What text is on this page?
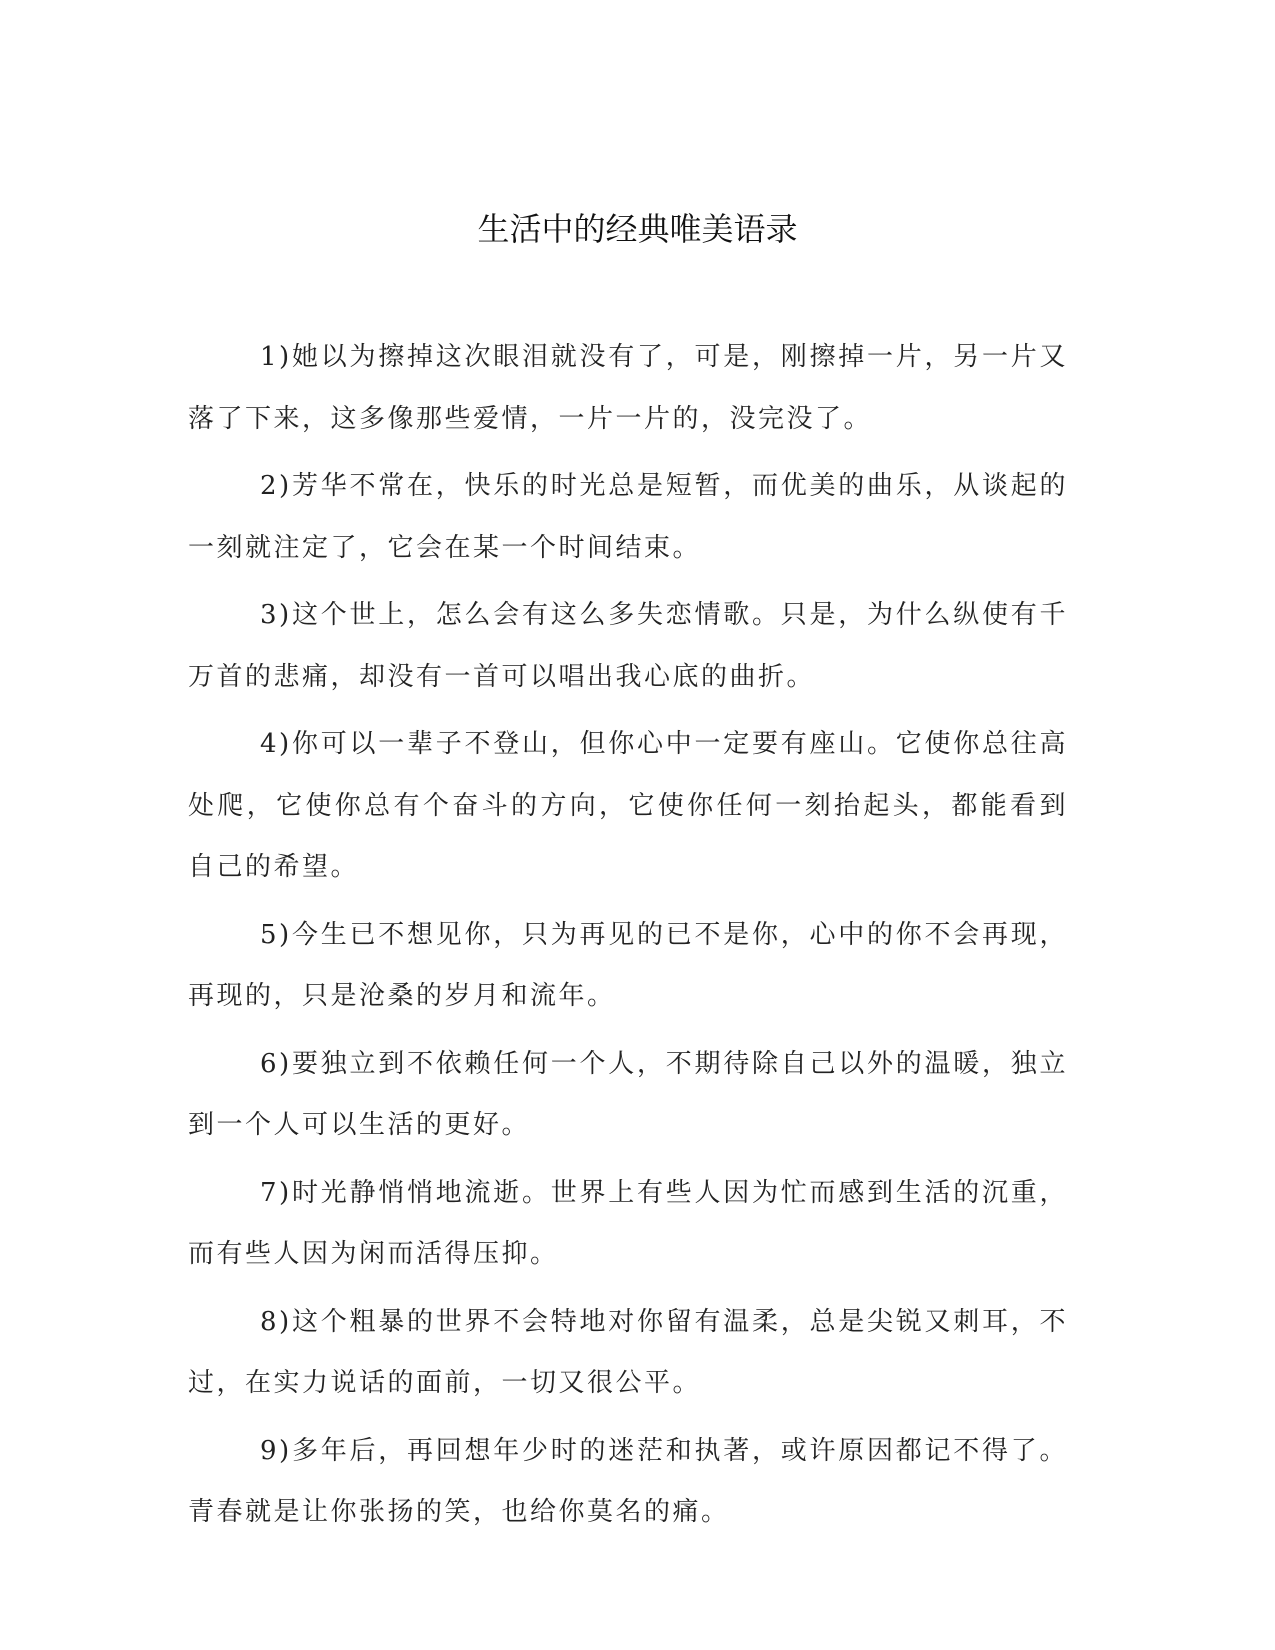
生活中的经典唯美语录

1)她以为擦掉这次眼泪就没有了，可是，刚擦掉一片，另一片又落了下来，这多像那些爱情，一片一片的，没完没了。

2)芳华不常在，快乐的时光总是短暂，而优美的曲乐，从谈起的一刻就注定了，它会在某一个时间结束。

3)这个世上，怎么会有这么多失恋情歌。只是，为什么纵使有千万首的悲痛，却没有一首可以唱出我心底的曲折。

4)你可以一辈子不登山，但你心中一定要有座山。它使你总往高处爬，它使你总有个奋斗的方向，它使你任何一刻抬起头，都能看到自己的希望。

5)今生已不想见你，只为再见的已不是你，心中的你不会再现，再现的，只是沧桑的岁月和流年。

6)要独立到不依赖任何一个人，不期待除自己以外的温暖，独立到一个人可以生活的更好。

7)时光静悄悄地流逝。世界上有些人因为忙而感到生活的沉重，而有些人因为闲而活得压抑。

8)这个粗暴的世界不会特地对你留有温柔，总是尖锐又刺耳，不过，在实力说话的面前，一切又很公平。

9)多年后，再回想年少时的迷茫和执著，或许原因都记不得了。青春就是让你张扬的笑，也给你莫名的痛。
